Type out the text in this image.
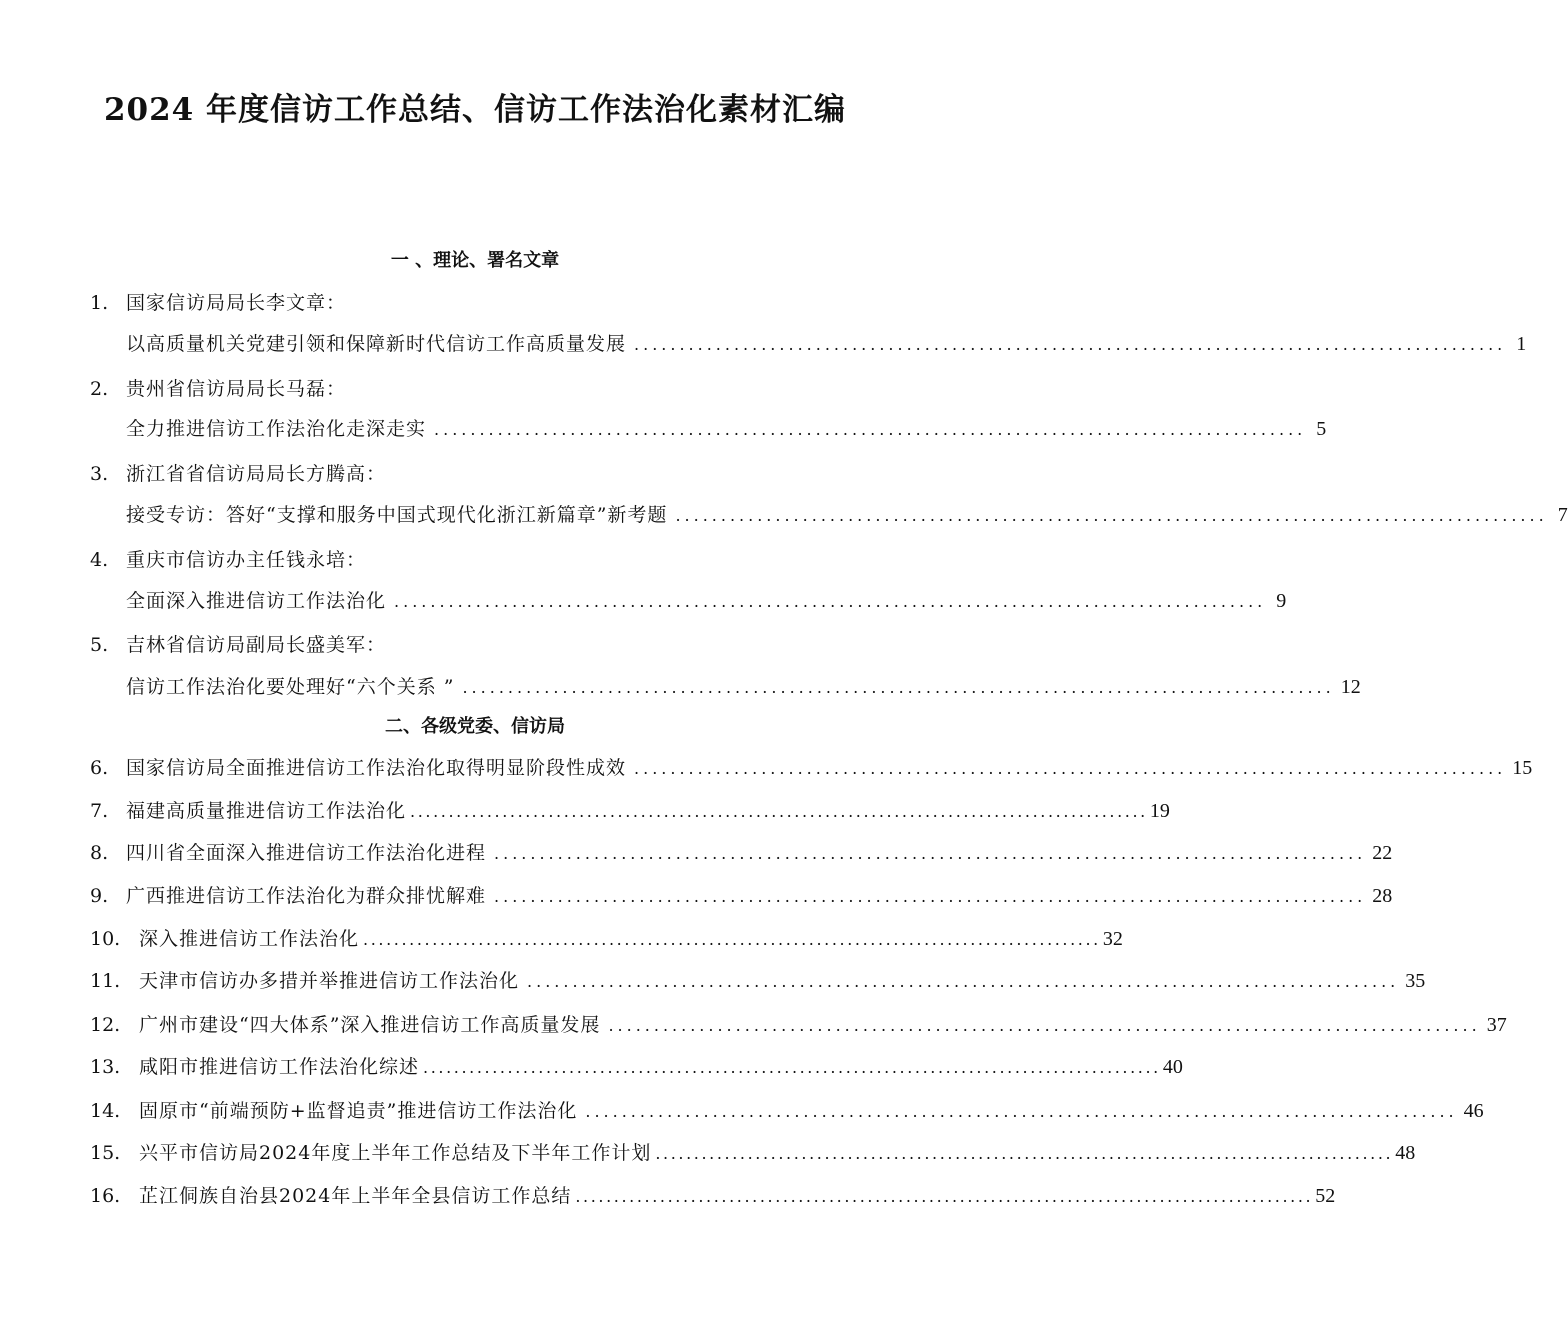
2024 年度信访工作总结、信访工作法治化素材汇编
一 、理论、署名文章
1. 国家信访局局长李文章：
以高质量机关党建引领和保障新时代信访工作高质量发展 ................................................................................................ 1
2. 贵州省信访局局长马磊：
全力推进信访工作法治化走深走实 ................................................................................................ 5
3. 浙江省省信访局局长方腾高：
接受专访：答好“支撑和服务中国式现代化浙江新篇章”新考题 ................................................................................................ 7
4. 重庆市信访办主任钱永培：
全面深入推进信访工作法治化 ................................................................................................ 9
5. 吉林省信访局副局长盛美军：
信访工作法治化要处理好“六个关系 ” ................................................................................................ 12
二、各级党委、信访局
6. 国家信访局全面推进信访工作法治化取得明显阶段性成效 ................................................................................................ 15
7. 福建高质量推进信访工作法治化 ................................................................................................ 19
8. 四川省全面深入推进信访工作法治化进程 ................................................................................................ 22
9. 广西推进信访工作法治化为群众排忧解难 ................................................................................................ 28
10. 深入推进信访工作法治化 ................................................................................................ 32
11. 天津市信访办多措并举推进信访工作法治化 ................................................................................................ 35
12. 广州市建设“四大体系”深入推进信访工作高质量发展 ................................................................................................ 37
13. 咸阳市推进信访工作法治化综述 ................................................................................................ 40
14. 固原市“前端预防+监督追责”推进信访工作法治化 ................................................................................................ 46
15. 兴平市信访局2024年度上半年工作总结及下半年工作计划 ................................................................................................ 48
16. 芷江侗族自治县2024年上半年全县信访工作总结 ................................................................................................ 52
